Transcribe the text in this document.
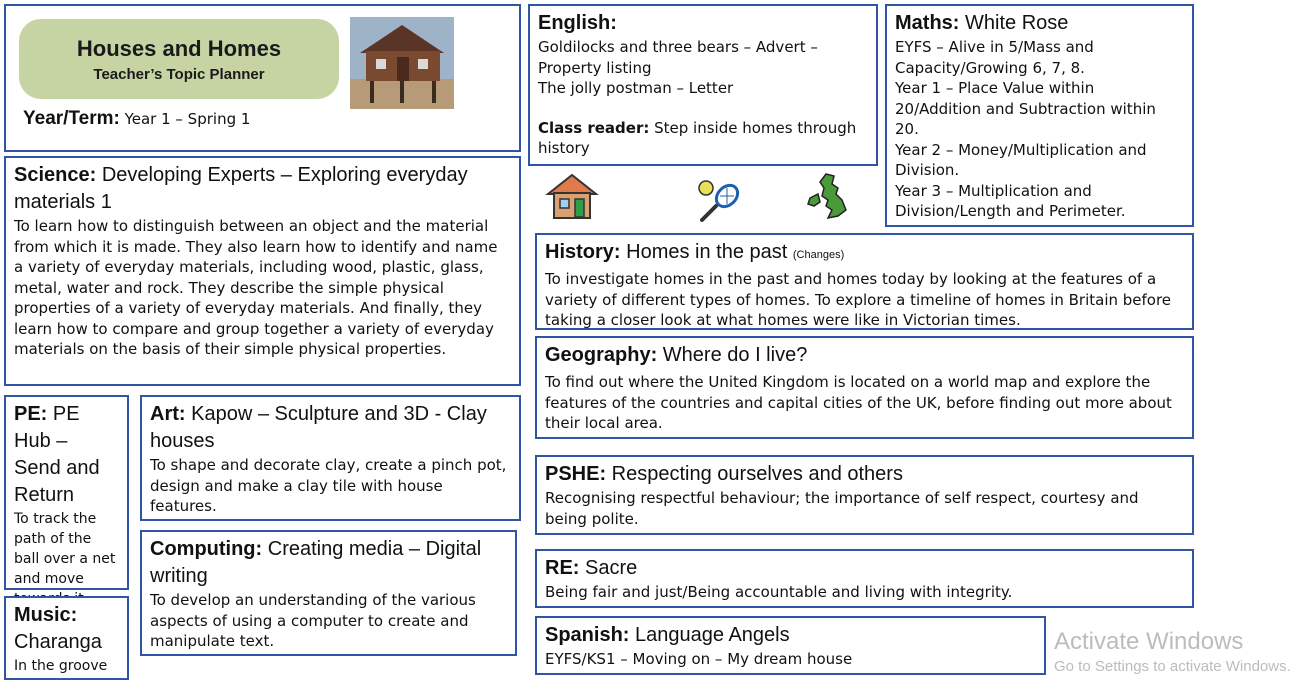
Year/Term: Year 1 – Spring 1
Houses and Homes
Teacher’s Topic Planner
English:
Goldilocks and three bears – Advert –
Property listing
The jolly postman – Letter
Class reader: Step inside homes through
history
Maths: White Rose
EYFS – Alive in 5/Mass and
Capacity/Growing 6, 7, 8.
Year 1 – Place Value within
20/Addition and Subtraction within
20.
Year 2 – Money/Multiplication and
Division.
Year 3 – Multiplication and
Division/Length and Perimeter.
Science: Developing Experts – Exploring everyday materials 1
To learn how to distinguish between an object and the material from which it is made. They also learn how to identify and name a variety of everyday materials, including wood, plastic, glass, metal, water and rock. They describe the simple physical properties of a variety of everyday materials. And finally, they learn how to compare and group together a variety of everyday materials on the basis of their simple physical properties.
History: Homes in the past (Changes)
To investigate homes in the past and homes today by looking at the features of a variety of different types of homes. To explore a timeline of homes in Britain before taking a closer look at what homes were like in Victorian times.
Geography: Where do I live?
To find out where the United Kingdom is located on a world map and explore the features of the countries and capital cities of the UK, before finding out more about their local area.
PE: PE Hub – Send and Return
To track the path of the ball over a net and move
Art: Kapow – Sculpture and 3D - Clay houses
To shape and decorate clay, create a pinch pot, design and make a clay tile with house features.
Computing: Creating media – Digital writing
To develop an understanding of the various aspects of using a computer to create and manipulate text.
Music:
Charanga
In the groove
PSHE: Respecting ourselves and others
Recognising respectful behaviour; the importance of self respect, courtesy and being polite.
RE: Sacre
Being fair and just/Being accountable and living with integrity.
Spanish: Language Angels
EYFS/KS1 – Moving on – My dream house
Activate Windows
Go to Settings to activate Windows.
